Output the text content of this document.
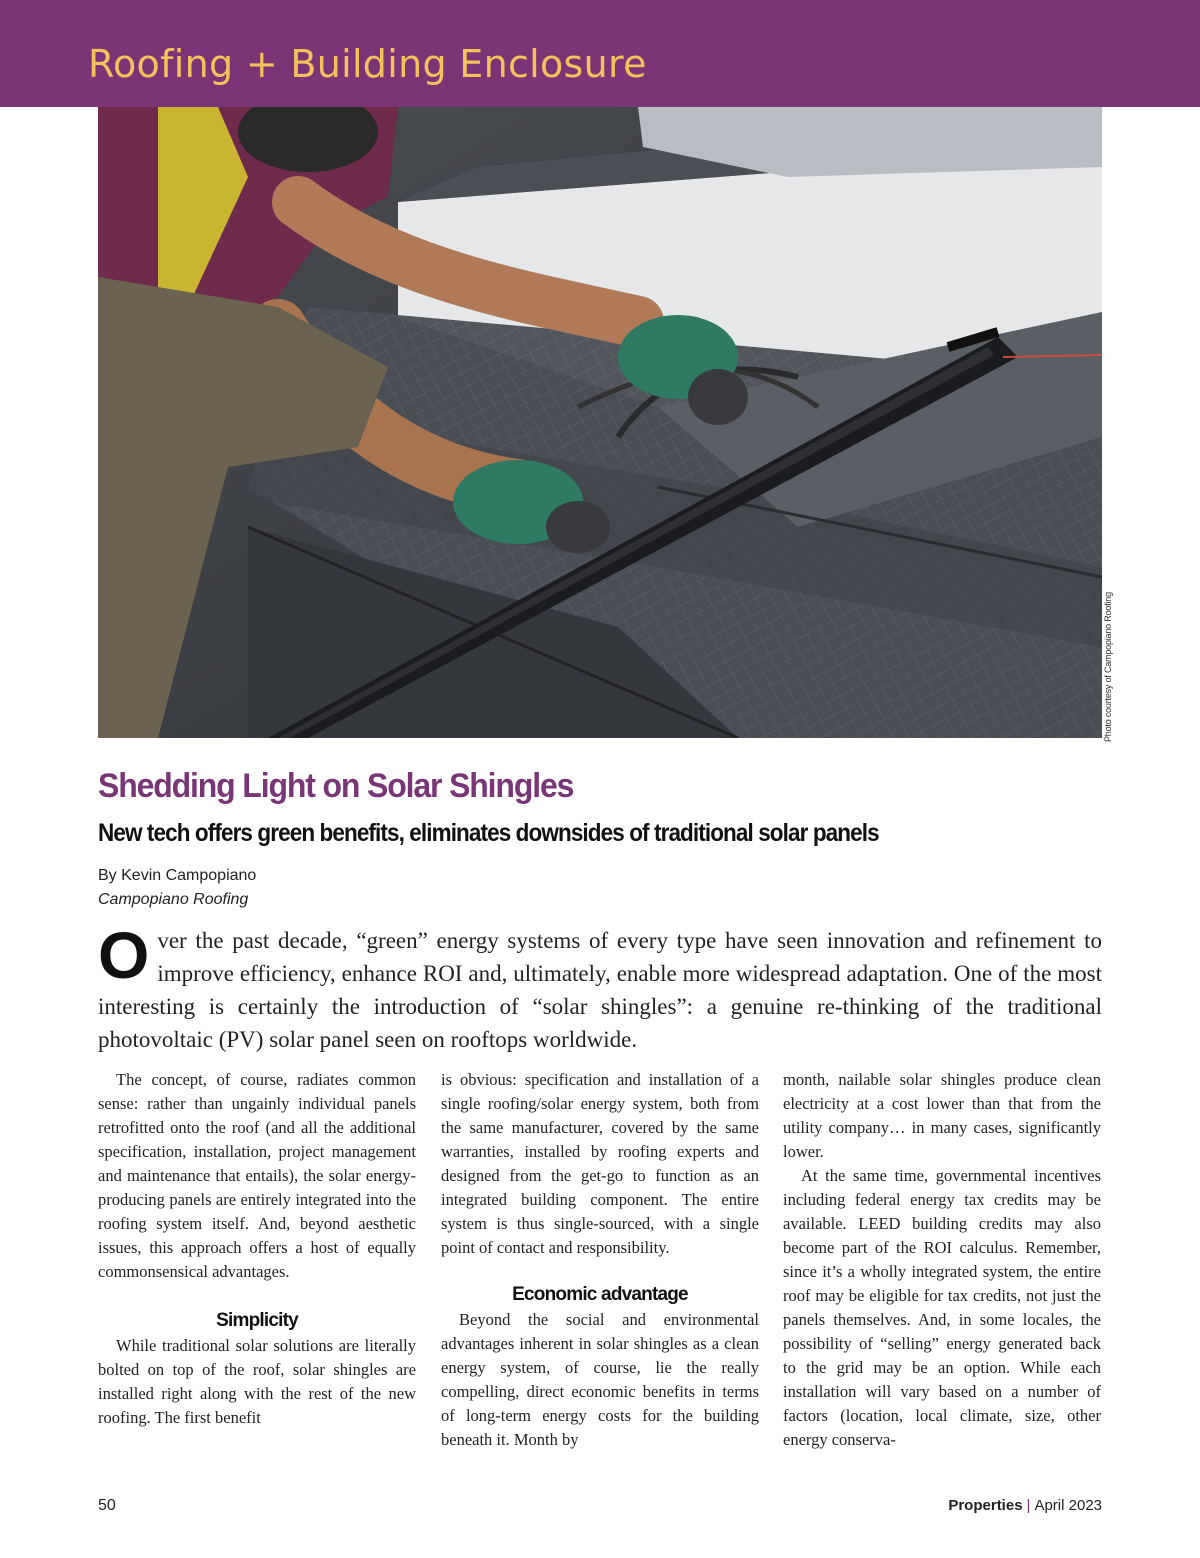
Roofing + Building Enclosure
Photo courtesy of Campopiano Roofing
Shedding Light on Solar Shingles
New tech offers green benefits, eliminates downsides of traditional solar panels
By Kevin Campopiano
Campopiano Roofing

Over the past decade, “green” energy systems of every type have seen innovation and refinement to improve efficiency, enhance ROI and, ultimately, enable more widespread adaptation. One of the most interesting is certainly the introduction of “solar shingles”: a genuine re-thinking of the traditional photovoltaic (PV) solar panel seen on rooftops worldwide.

The concept, of course, radiates common sense: rather than ungainly individual panels retrofitted onto the roof (and all the additional specification, installation, project management and maintenance that entails), the solar energy-producing panels are entirely integrated into the roofing system itself. And, beyond aesthetic issues, this approach offers a host of equally commonsensical advantages.

Simplicity

While traditional solar solutions are literally bolted on top of the roof, solar shingles are installed right along with the rest of the new roofing. The first benefit

is obvious: specification and installation of a single roofing/solar energy system, both from the same manufacturer, covered by the same warranties, installed by roofing experts and designed from the get-go to function as an integrated building component. The entire system is thus single-sourced, with a single point of contact and responsibility.

Economic advantage

Beyond the social and environmental advantages inherent in solar shingles as a clean energy system, of course, lie the really compelling, direct economic benefits in terms of long-term energy costs for the building beneath it. Month by

month, nailable solar shingles produce clean electricity at a cost lower than that from the utility company… in many cases, significantly lower.

At the same time, governmental incentives including federal energy tax credits may be available. LEED building credits may also become part of the ROI calculus. Remember, since it’s a wholly integrated system, the entire roof may be eligible for tax credits, not just the panels themselves. And, in some locales, the possibility of “selling” energy generated back to the grid may be an option. While each installation will vary based on a number of factors (location, local climate, size, other energy conserva-

50	Properties | April 2023
